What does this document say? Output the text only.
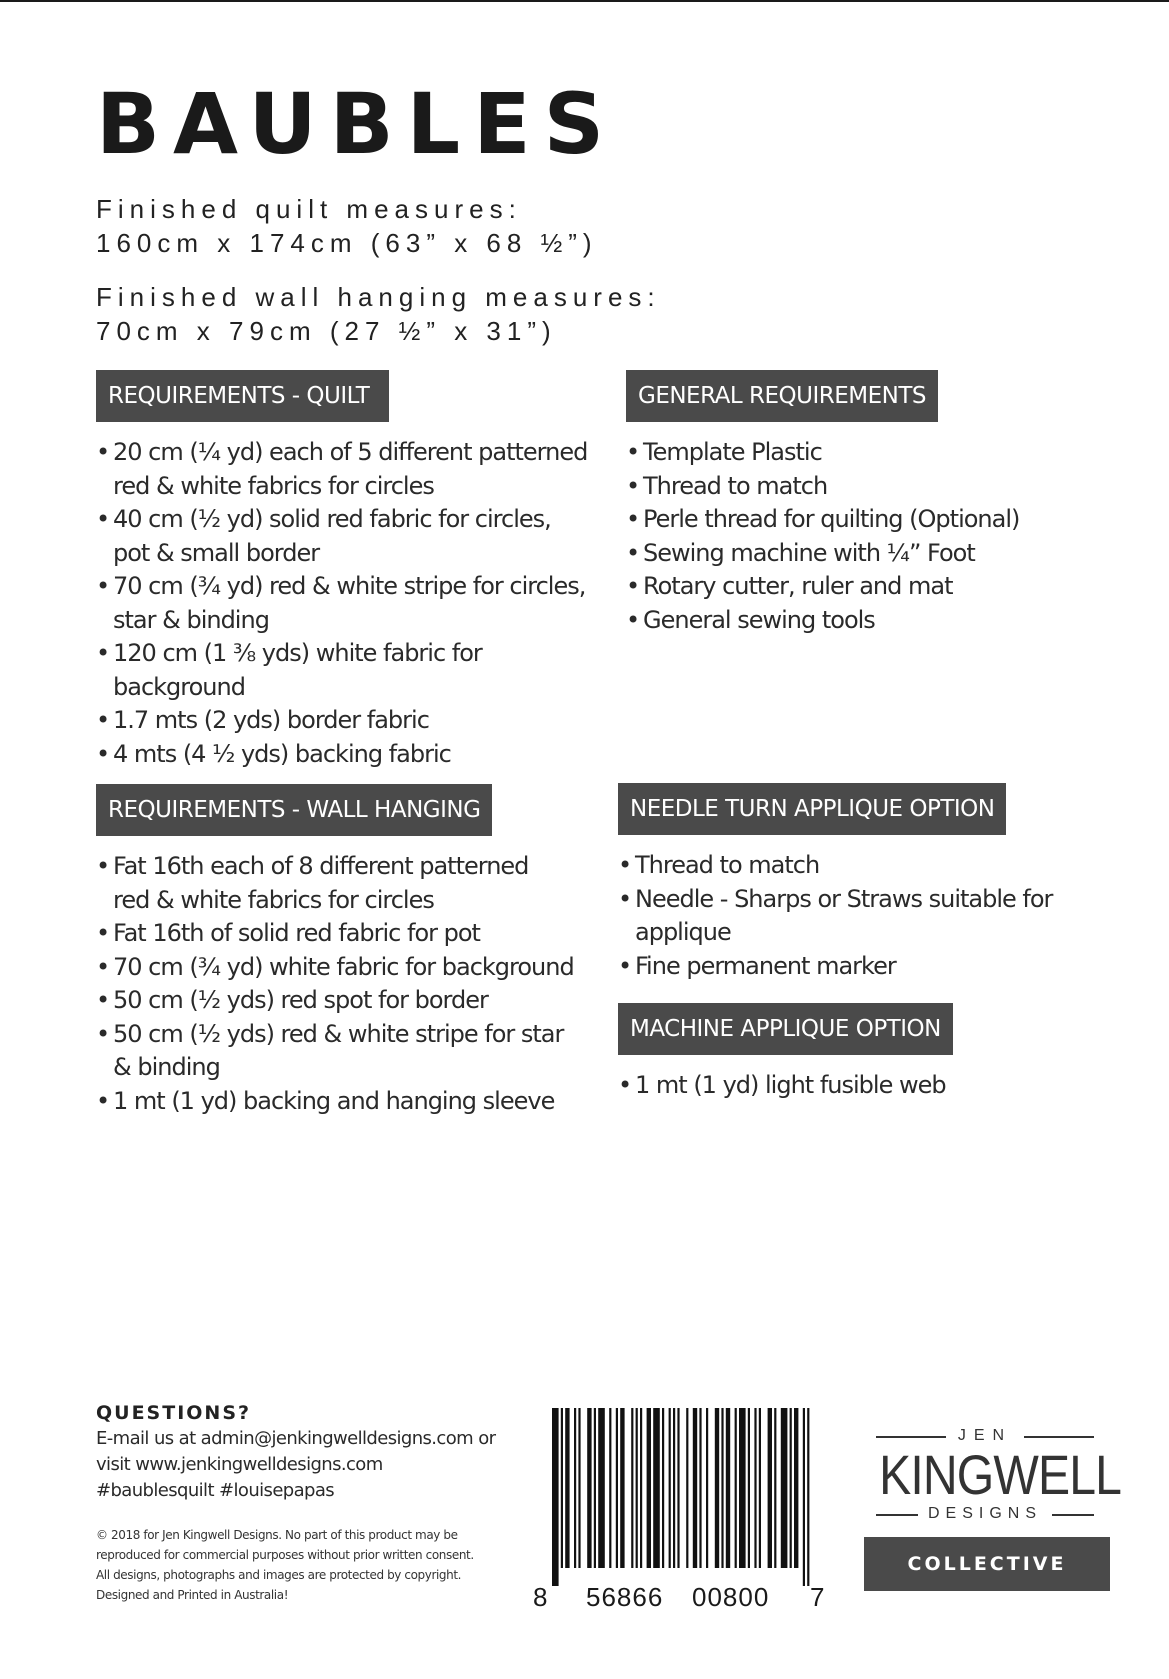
BAUBLES

Finished quilt measures:
160cm x 174cm (63” x 68 ½”)

Finished wall hanging measures:
70cm x 79cm (27 ½” x 31”)

REQUIREMENTS - QUILT
• 20 cm (¼ yd) each of 5 different patterned
red & white fabrics for circles
• 40 cm (½ yd) solid red fabric for circles,
pot & small border
• 70 cm (¾ yd) red & white stripe for circles,
star & binding
• 120 cm (1 ⅜ yds) white fabric for
background
• 1.7 mts (2 yds) border fabric
• 4 mts (4 ½ yds) backing fabric
GENERAL REQUIREMENTS
• Template Plastic
• Thread to match
• Perle thread for quilting (Optional)
• Sewing machine with ¼” Foot
• Rotary cutter, ruler and mat
• General sewing tools
REQUIREMENTS - WALL HANGING
• Fat 16th each of 8 different patterned
red & white fabrics for circles
• Fat 16th of solid red fabric for pot
• 70 cm (¾ yd) white fabric for background
• 50 cm (½ yds) red spot for border
• 50 cm (½ yds) red & white stripe for star
& binding
• 1 mt (1 yd) backing and hanging sleeve
NEEDLE TURN APPLIQUE OPTION
• Thread to match
• Needle - Sharps or Straws suitable for
applique
• Fine permanent marker
MACHINE APPLIQUE OPTION
• 1 mt (1 yd) light fusible web
QUESTIONS?
E-mail us at admin@jenkingwelldesigns.com or
visit www.jenkingwelldesigns.com
#baublesquilt #louisepapas
© 2018 for Jen Kingwell Designs. No part of this product may be
reproduced for commercial purposes without prior written consent.
All designs, photographs and images are protected by copyright.
Designed and Printed in Australia!	8 56866 00800 7
JEN
KINGWELL
DESIGNS
COLLECTIVE
